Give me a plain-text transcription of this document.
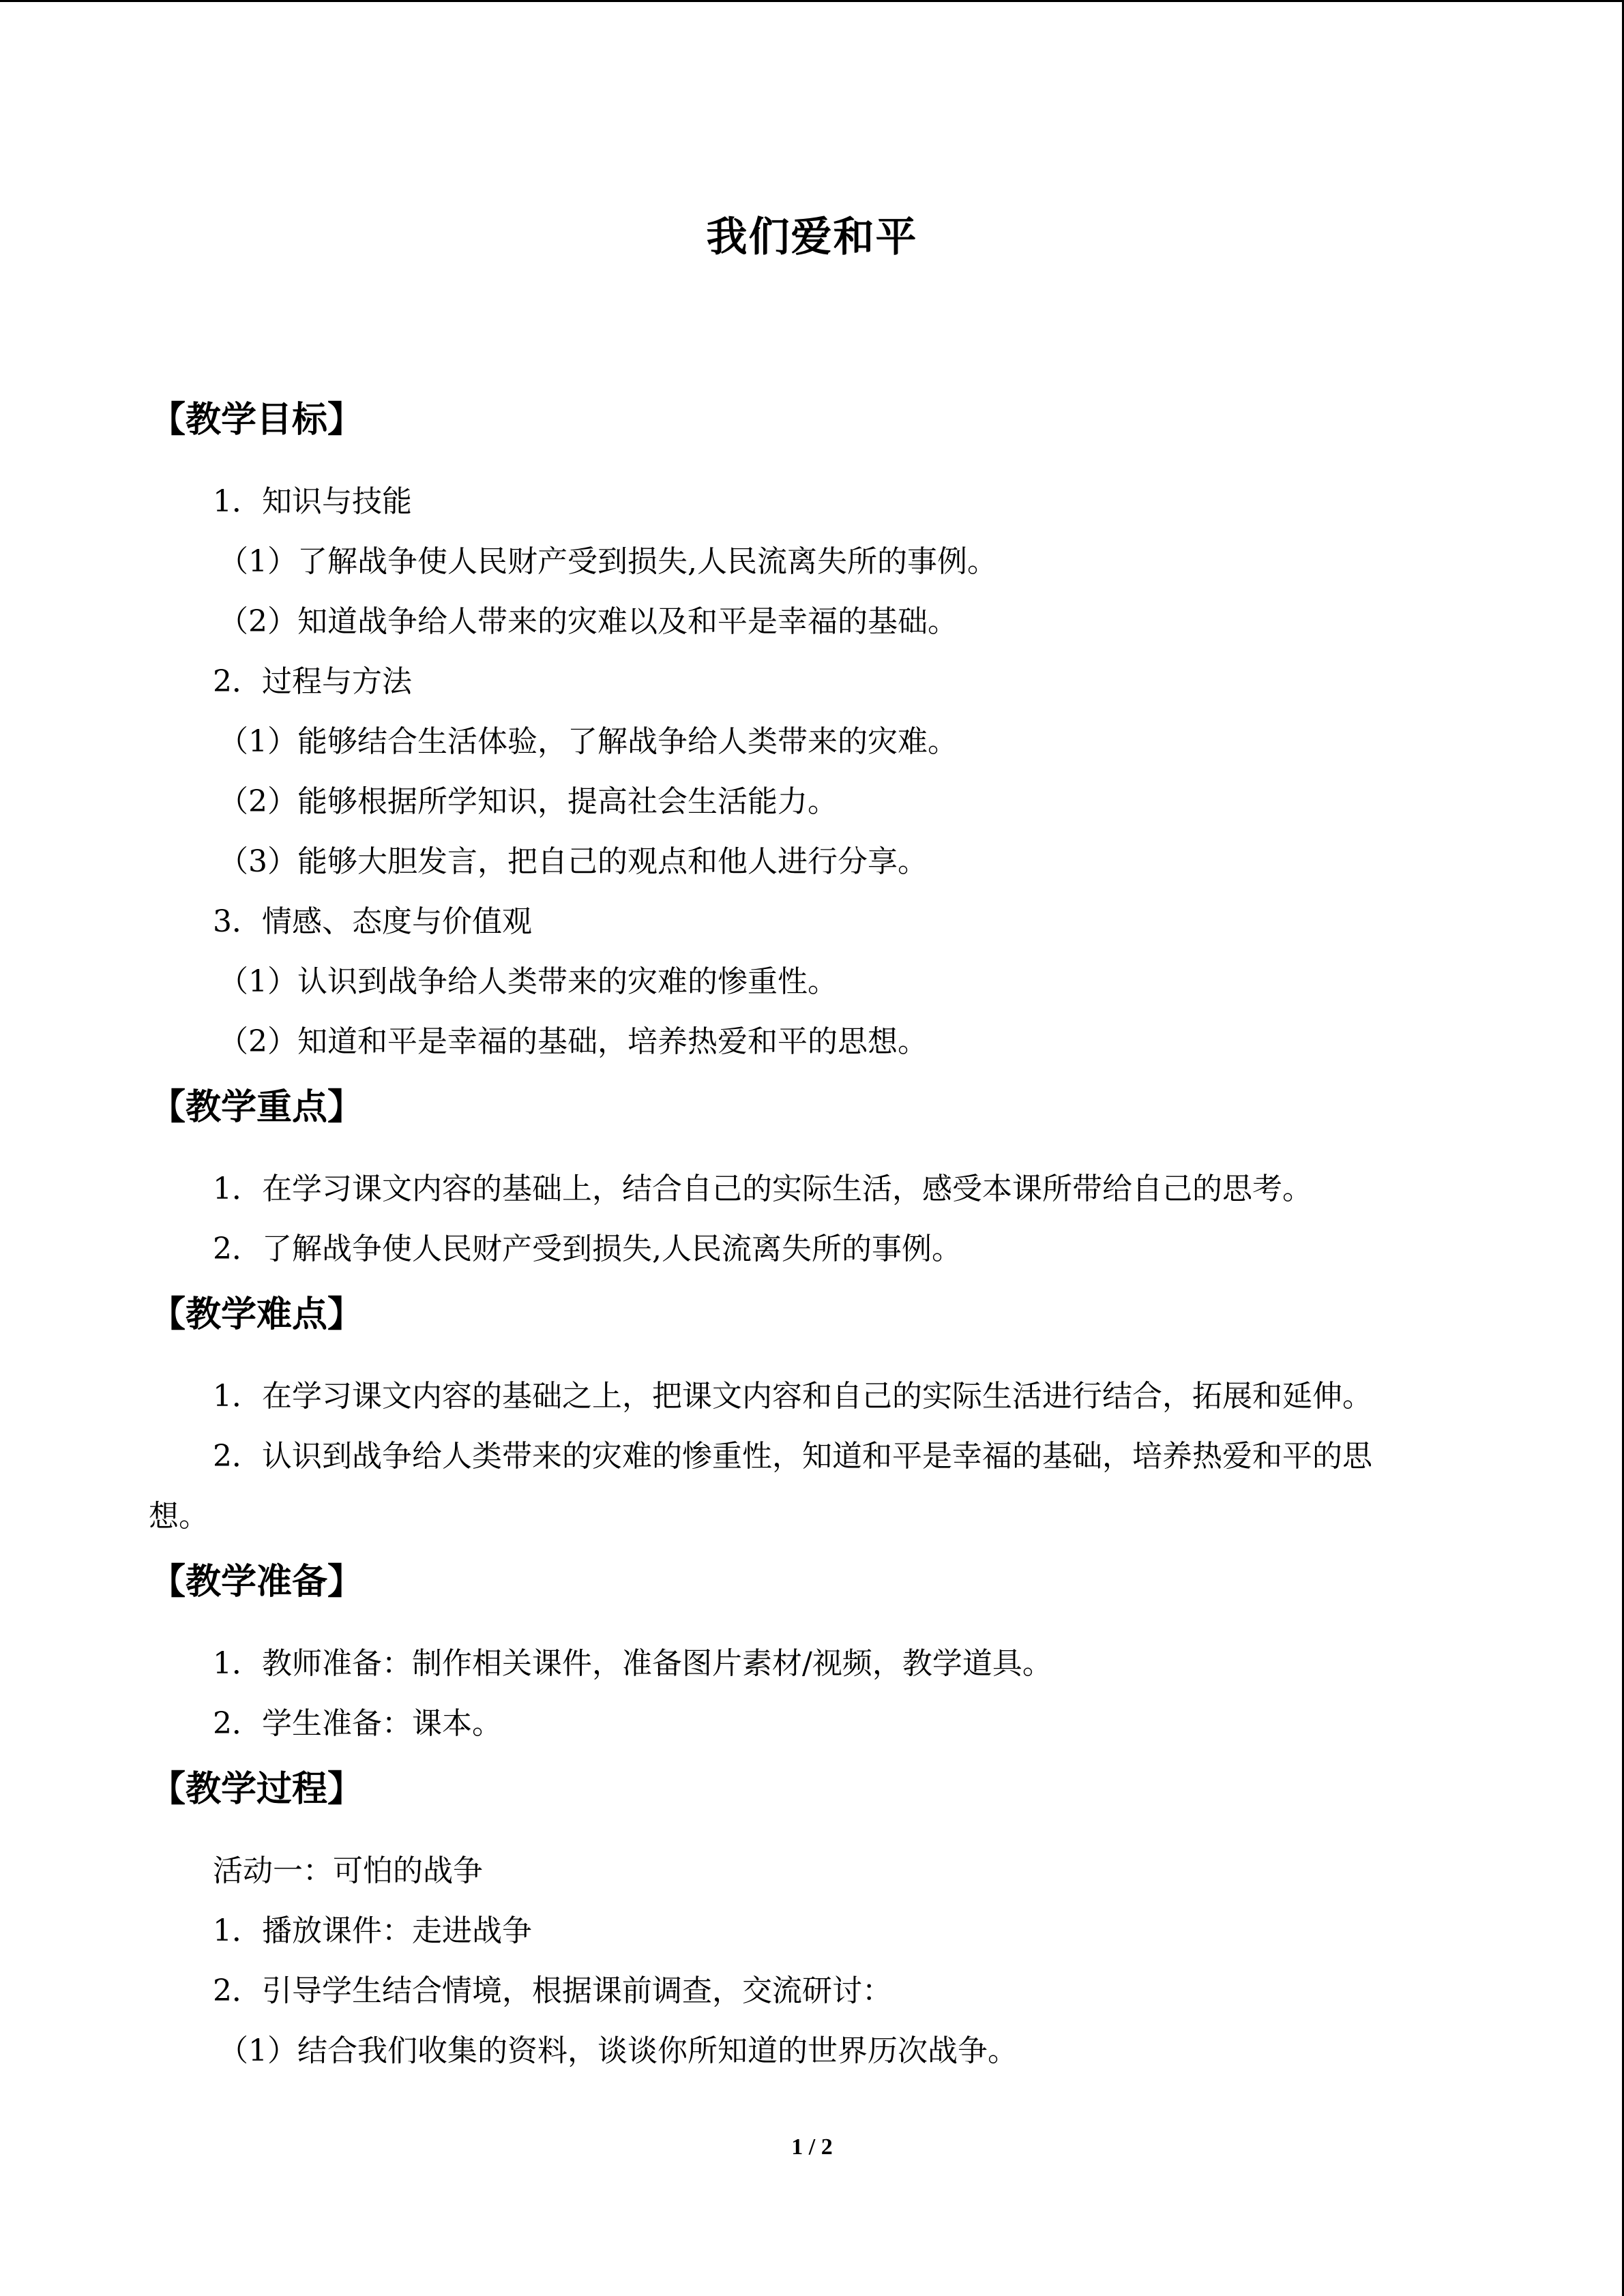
我们爱和平
【教学目标】
1．知识与技能
（1）了解战争使人民财产受到损失,人民流离失所的事例。
（2）知道战争给人带来的灾难以及和平是幸福的基础。
2．过程与方法
（1）能够结合生活体验，了解战争给人类带来的灾难。
（2）能够根据所学知识，提高社会生活能力。
（3）能够大胆发言，把自己的观点和他人进行分享。
3．情感、态度与价值观
（1）认识到战争给人类带来的灾难的惨重性。
（2）知道和平是幸福的基础，培养热爱和平的思想。
【教学重点】
1．在学习课文内容的基础上，结合自己的实际生活，感受本课所带给自己的思考。
2．了解战争使人民财产受到损失,人民流离失所的事例。
【教学难点】
1．在学习课文内容的基础之上，把课文内容和自己的实际生活进行结合，拓展和延伸。
2．认识到战争给人类带来的灾难的惨重性，知道和平是幸福的基础，培养热爱和平的思
想。
【教学准备】
1．教师准备：制作相关课件，准备图片素材/视频，教学道具。
2．学生准备：课本。
【教学过程】
活动一：可怕的战争
1．播放课件：走进战争
2．引导学生结合情境，根据课前调查，交流研讨：
（1）结合我们收集的资料，谈谈你所知道的世界历次战争。
1 / 2
